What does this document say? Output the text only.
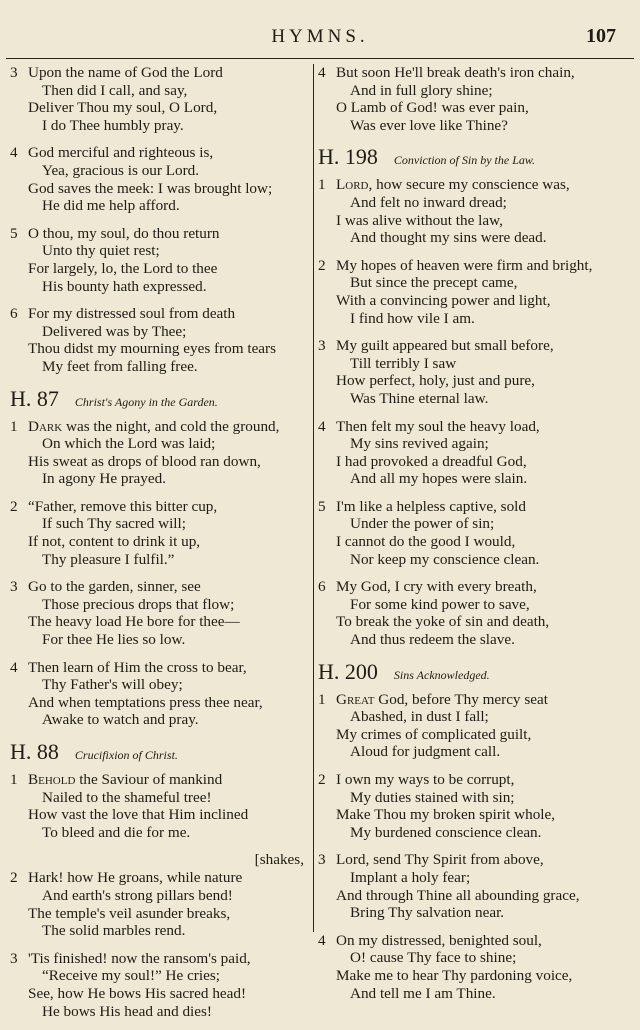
HYMNS.	107
3 Upon the name of God the Lord
Then did I call, and say,
Deliver Thou my soul, O Lord,
I do Thee humbly pray.
4 God merciful and righteous is,
Yea, gracious is our Lord.
God saves the meek: I was brought low;
He did me help afford.
5 O thou, my soul, do thou return
Unto thy quiet rest;
For largely, lo, the Lord to thee
His bounty hath expressed.
6 For my distressed soul from death
Delivered was by Thee;
Thou didst my mourning eyes from tears
My feet from falling free.
H. 87 Christ's Agony in the Garden.
1 Dark was the night, and cold the ground,
On which the Lord was laid;
His sweat as drops of blood ran down,
In agony He prayed.
2 “Father, remove this bitter cup,
If such Thy sacred will;
If not, content to drink it up,
Thy pleasure I fulfil.”
3 Go to the garden, sinner, see
Those precious drops that flow;
The heavy load He bore for thee—
For thee He lies so low.
4 Then learn of Him the cross to bear,
Thy Father's will obey;
And when temptations press thee near,
Awake to watch and pray.
H. 88 Crucifixion of Christ.
1 Behold the Saviour of mankind
Nailed to the shameful tree!
How vast the love that Him inclined
To bleed and die for me.
[shakes,
2 Hark! how He groans, while nature
And earth's strong pillars bend!
The temple's veil asunder breaks,
The solid marbles rend.
3 'Tis finished! now the ransom's paid,
“Receive my soul!” He cries;
See, how He bows His sacred head!
He bows His head and dies!
4 But soon He'll break death's iron chain,
And in full glory shine;
O Lamb of God! was ever pain,
Was ever love like Thine?
H. 198 Conviction of Sin by the Law.
1 Lord, how secure my conscience was,
And felt no inward dread;
I was alive without the law,
And thought my sins were dead.
2 My hopes of heaven were firm and bright,
But since the precept came,
With a convincing power and light,
I find how vile I am.
3 My guilt appeared but small before,
Till terribly I saw
How perfect, holy, just and pure,
Was Thine eternal law.
4 Then felt my soul the heavy load,
My sins revived again;
I had provoked a dreadful God,
And all my hopes were slain.
5 I'm like a helpless captive, sold
Under the power of sin;
I cannot do the good I would,
Nor keep my conscience clean.
6 My God, I cry with every breath,
For some kind power to save,
To break the yoke of sin and death,
And thus redeem the slave.
H. 200 Sins Acknowledged.
1 Great God, before Thy mercy seat
Abashed, in dust I fall;
My crimes of complicated guilt,
Aloud for judgment call.
2 I own my ways to be corrupt,
My duties stained with sin;
Make Thou my broken spirit whole,
My burdened conscience clean.
3 Lord, send Thy Spirit from above,
Implant a holy fear;
And through Thine all abounding grace,
Bring Thy salvation near.
4 On my distressed, benighted soul,
O! cause Thy face to shine;
Make me to hear Thy pardoning voice,
And tell me I am Thine.
